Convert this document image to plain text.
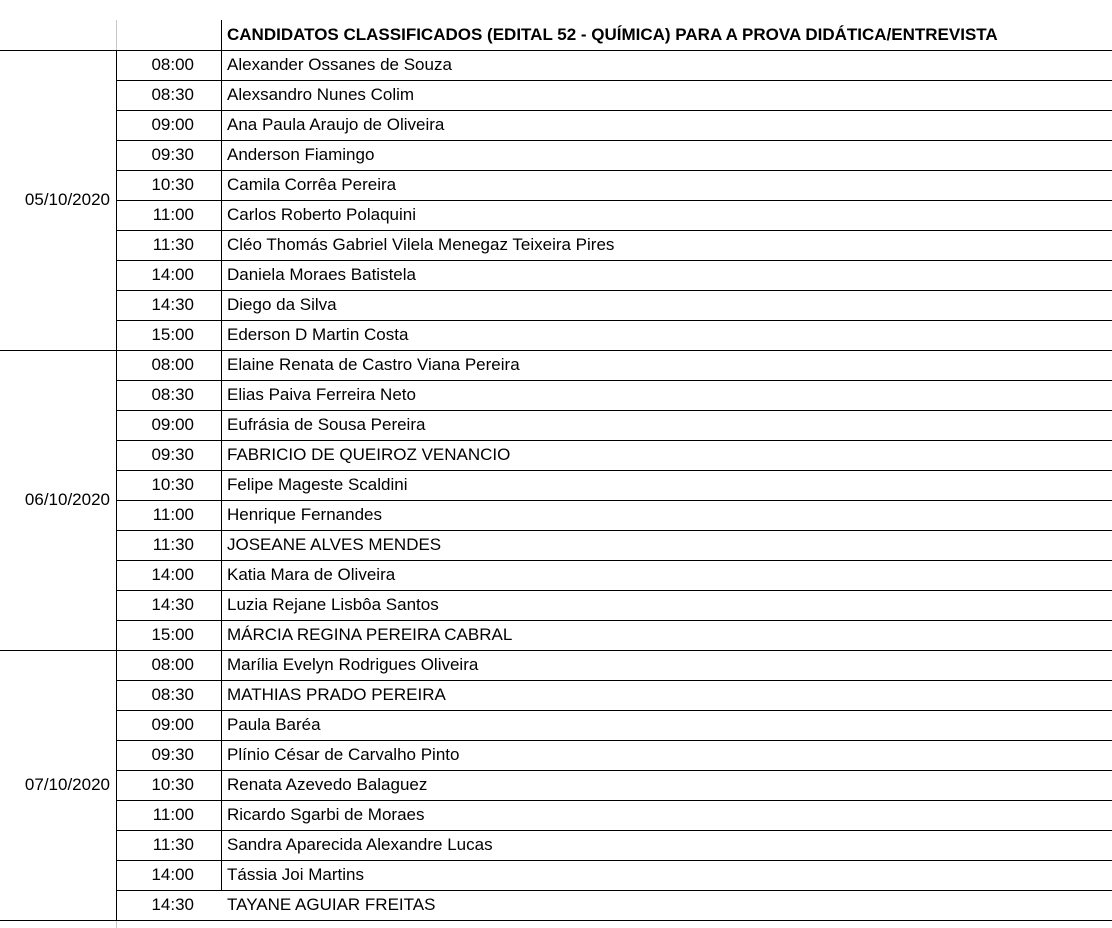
CANDIDATOS CLASSIFICADOS (EDITAL 52 - QUÍMICA) PARA A PROVA DIDÁTICA/ENTREVISTA
05/10/2020
08:00	Alexander Ossanes de Souza
08:30	Alexsandro Nunes Colim
09:00	Ana Paula Araujo de Oliveira
09:30	Anderson Fiamingo
10:30	Camila Corrêa Pereira
11:00	Carlos Roberto Polaquini
11:30	Cléo Thomás Gabriel Vilela Menegaz Teixeira Pires
14:00	Daniela Moraes Batistela
14:30	Diego da Silva
15:00	Ederson D Martin Costa
06/10/2020
08:00	Elaine Renata de Castro Viana Pereira
08:30	Elias Paiva Ferreira Neto
09:00	Eufrásia de Sousa Pereira
09:30	FABRICIO DE QUEIROZ VENANCIO
10:30	Felipe Mageste Scaldini
11:00	Henrique Fernandes
11:30	JOSEANE ALVES MENDES
14:00	Katia Mara de Oliveira
14:30	Luzia Rejane Lisbôa Santos
15:00	MÁRCIA REGINA PEREIRA CABRAL
07/10/2020
08:00	Marília Evelyn Rodrigues Oliveira
08:30	MATHIAS PRADO PEREIRA
09:00	Paula Baréa
09:30	Plínio César de Carvalho Pinto
10:30	Renata Azevedo Balaguez
11:00	Ricardo Sgarbi de Moraes
11:30	Sandra Aparecida Alexandre Lucas
14:00	Tássia Joi Martins
14:30	TAYANE AGUIAR FREITAS
